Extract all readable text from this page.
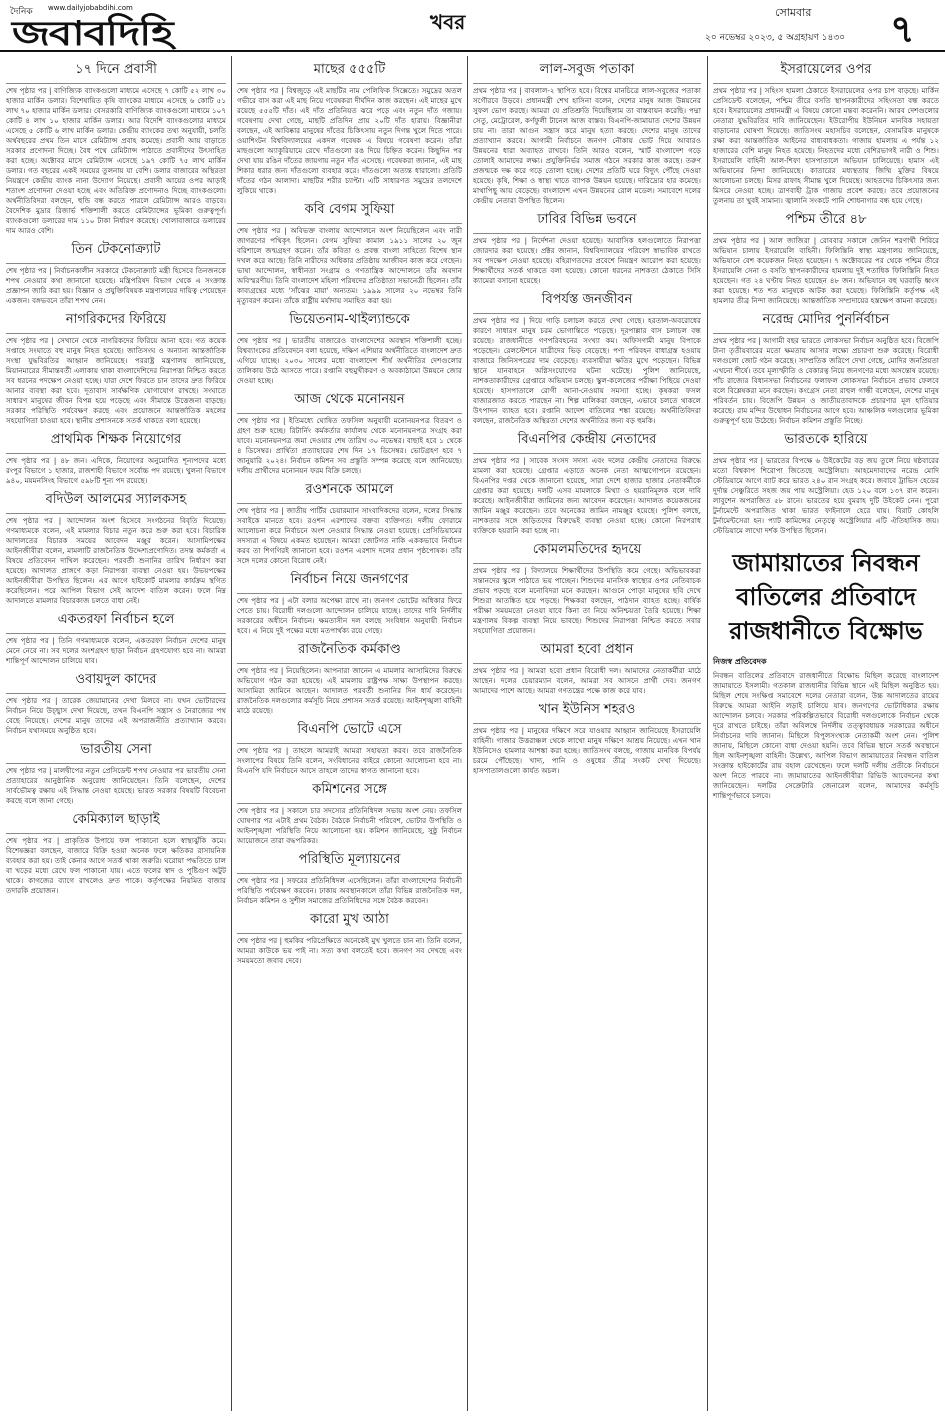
দৈনিক www.dailyjobabdihi.com
জবাবদিহি	খবর	সোমবার
২০ নভেম্বর ২০২৩, ৫ অগ্রহায়ণ ১৪৩০ ৭
১৭ দিনে প্রবাসী

শেষ পৃষ্ঠার পর | বাণিজ্যিক ব্যাংকগুলো মাধ্যমে এসেছে ৭ কোটি ৫২ লাখ ৩০ হাজার মার্কিন ডলার। বিশেষায়িত কৃষি ব্যাংকের মাধ্যমে এসেছে ৬ কোটি ৫১ লাখ ৭০ হাজার মার্কিন ডলার। বেসরকারি বাণিজ্যিক ব্যাংকগুলো মাধ্যমে ১০৭ কোটি ৪ লাখ ১০ হাজার মার্কিন ডলার। আর বিদেশি ব্যাংকগুলোর মাধ্যমে এসেছে ৫ কোটি ৬ লাখ মার্কিন ডলার। কেন্দ্রীয় ব্যাংকের তথ্য অনুযায়ী, চলতি অর্থবছরের প্রথম তিন মাসে রেমিট্যান্স প্রবাহ কমেছে। প্রবাসী আয় বাড়াতে সরকার প্রণোদনা দিচ্ছে। বৈধ পথে রেমিট্যান্স পাঠাতে প্রবাসীদের উৎসাহিত করা হচ্ছে। অক্টোবর মাসে রেমিট্যান্স এসেছে ১৯৭ কোটি ৭৫ লাখ মার্কিন ডলার। গত বছরের একই সময়ের তুলনায় যা বেশি। ডলার বাজারের অস্থিরতা নিয়ন্ত্রণে কেন্দ্রীয় ব্যাংক নানা উদ্যোগ নিয়েছে। প্রবাসী আয়ের ওপর আড়াই শতাংশ প্রণোদনা দেওয়া হচ্ছে এবং অতিরিক্ত প্রণোদনাও দিচ্ছে ব্যাংকগুলো। অর্থনীতিবিদরা বলছেন, হুন্ডি বন্ধ করতে পারলে রেমিট্যান্স আরও বাড়বে। বৈদেশিক মুদ্রার রিজার্ভ শক্তিশালী করতে রেমিট্যান্সের ভূমিকা গুরুত্বপূর্ণ। ব্যাংকগুলো ডলারের দাম ১১০ টাকা নির্ধারণ করেছে। খোলাবাজারে ডলারের দাম আরও বেশি।

তিন টেকনোক্র্যাট

শেষ পৃষ্ঠার পর | নির্বাচনকালীন সরকারে টেকনোক্র্যাট মন্ত্রী হিসেবে তিনজনকে শপথ নেওয়ার কথা জানানো হয়েছে। মন্ত্রিপরিষদ বিভাগ থেকে এ সংক্রান্ত প্রজ্ঞাপন জারি করা হয়। বিজ্ঞান ও প্রযুক্তিবিষয়ক মন্ত্রণালয়ের দায়িত্ব পেয়েছেন একজন। বঙ্গভবনে তাঁরা শপথ নেন।

নাগরিকদের ফিরিয়ে

শেষ পৃষ্ঠার পর | সেখানে থেকে নাগরিকদের ফিরিয়ে আনা হবে। গত কয়েক সপ্তাহে সংঘাতে বহু মানুষ নিহত হয়েছে। জাতিসংঘ ও অন্যান্য আন্তর্জাতিক সংস্থা যুদ্ধবিরতির আহ্বান জানিয়েছে। পররাষ্ট্র মন্ত্রণালয় জানিয়েছে, মিয়ানমারের সীমান্তবর্তী এলাকায় থাকা বাংলাদেশিদের নিরাপত্তা নিশ্চিত করতে সব ধরনের পদক্ষেপ নেওয়া হচ্ছে। যারা দেশে ফিরতে চান তাদের দ্রুত ফিরিয়ে আনার ব্যবস্থা করা হবে। দূতাবাস সার্বক্ষণিক যোগাযোগ রাখছে। সংঘাতে সাধারণ মানুষের জীবন বিপন্ন হয়ে পড়েছে এবং সীমান্তে উত্তেজনা বাড়ছে। সরকার পরিস্থিতি পর্যবেক্ষণ করছে এবং প্রয়োজনে আন্তর্জাতিক মহলের সহযোগিতা চাওয়া হবে। স্থানীয় প্রশাসনকে সতর্ক থাকতে বলা হয়েছে।

প্রাথমিক শিক্ষক নিয়োগের

শেষ পৃষ্ঠার পর | ৪৮ জন। এদিকে, নিয়োগের অনুমোদিত শূন্যপদের মধ্যে রংপুর বিভাগে ১ হাজার, রাজশাহী বিভাগে সর্বোচ্চ পদ রয়েছে। খুলনা বিভাগে ৯৪০, ময়মনসিংহ বিভাগে ৫৯৮টি শূন্য পদ রয়েছে।

বদিউল আলমের স্যালকসহ

শেষ পৃষ্ঠার পর | আন্দোলন অংশ হিসেবে সংগঠনের বিবৃতি দিয়েছে। গণমাধ্যমকে বলেন, এই মামলার বিচার নতুন করে শুরু করা হবে। বিচারিক আদালতের বিচারক সময়ের আবেদন মঞ্জুর করেন। আসামিপক্ষের আইনজীবীরা বলেন, মামলাটি রাজনৈতিক উদ্দেশ্যপ্রণোদিত। তদন্ত কর্মকর্তা এ বিষয়ে প্রতিবেদন দাখিল করেছেন। পরবর্তী শুনানির তারিখ নির্ধারণ করা হয়েছে। আদালত প্রাঙ্গণে কড়া নিরাপত্তা ব্যবস্থা নেওয়া হয়। উভয়পক্ষের আইনজীবীরা উপস্থিত ছিলেন। এর আগে হাইকোর্ট মামলার কার্যক্রম স্থগিত করেছিলেন। পরে আপিল বিভাগ সেই আদেশ বাতিল করেন। ফলে নিম্ন আদালতে মামলার বিচারকাজ চলতে বাধা নেই।

একতরফা নির্বাচন হলে

শেষ পৃষ্ঠার পর | তিনি গণমাধ্যমকে বলেন, একতরফা নির্বাচন দেশের মানুষ মেনে নেবে না। সব দলের অংশগ্রহণ ছাড়া নির্বাচন গ্রহণযোগ্য হবে না। আমরা শান্তিপূর্ণ আন্দোলন চালিয়ে যাব।

ওবায়দুল কাদের

শেষ পৃষ্ঠার পর | তারেক জেয়ামানের দেখা মিলবে না। যখন ভোটারদের নির্বাচন নিয়ে উচ্ছ্বাস দেখা দিয়েছে, তখন বিএনপি সন্ত্রাস ও নৈরাজ্যের পথ বেছে নিয়েছে। দেশের মানুষ তাদের এই অপরাজনীতি প্রত্যাখ্যান করবে। নির্বাচন যথাসময়ে অনুষ্ঠিত হবে।

ভারতীয় সেনা

শেষ পৃষ্ঠার পর | মালদ্বীপের নতুন প্রেসিডেন্ট শপথ নেওয়ার পর ভারতীয় সেনা প্রত্যাহারের আনুষ্ঠানিক অনুরোধ জানিয়েছেন। তিনি বলেছেন, দেশের সার্বভৌমত্ব রক্ষায় এই সিদ্ধান্ত নেওয়া হয়েছে। ভারত সরকার বিষয়টি বিবেচনা করছে বলে জানা গেছে।

কেমিক্যাল ছাড়াই

শেষ পৃষ্ঠার পর | প্রাকৃতিক উপায়ে ফল পাকানো হলে স্বাস্থ্যঝুঁকি কমে। বিশেষজ্ঞরা বলছেন, বাজারে বিক্রি হওয়া অনেক ফলে ক্ষতিকর রাসায়নিক ব্যবহার করা হয়। তাই কেনার আগে সতর্ক থাকা জরুরি। ঘরোয়া পদ্ধতিতে চাল বা খড়ের মধ্যে রেখে ফল পাকানো যায়। এতে ফলের স্বাদ ও পুষ্টিগুণ অটুট থাকে। কাগজের ব্যাগে রাখলেও দ্রুত পাকে। কর্তৃপক্ষের নিয়মিত বাজার তদারকি প্রয়োজন।

মাছের ৫৫৫টি

শেষ পৃষ্ঠার পর | বিশ্বজুড়ে এই মাছটির নাম পেলিফিক সিক্সেতে। সমুদ্রের অতল গভীরে বাস করা এই মাছ নিয়ে গবেষকরা দীর্ঘদিন কাজ করছেন। এই মাছের মুখে রয়েছে ৫৫৫টি দাঁত। এই দাঁত প্রতিনিয়ত ঝরে পড়ে এবং নতুন দাঁত গজায়। গবেষণায় দেখা গেছে, মাছটি প্রতিদিন প্রায় ২০টি দাঁত হারায়। বিজ্ঞানীরা বলছেন, এই আবিষ্কার মানুষের দাঁতের চিকিৎসায় নতুন দিগন্ত খুলে দিতে পারে। ওয়াশিংটন বিশ্ববিদ্যালয়ের একদল গবেষক এ বিষয়ে গবেষণা করেন। তাঁরা মাছগুলো অ্যাকুরিয়ামে রেখে দাঁতগুলো রঙ দিয়ে চিহ্নিত করেন। কিছুদিন পর দেখা যায় রঙিন দাঁতের জায়গায় নতুন দাঁত এসেছে। গবেষকরা জানান, এই মাছ শিকার ধরার জন্য দাঁতগুলো ব্যবহার করে। দাঁতগুলো অত্যন্ত ধারালো। প্রতিটি দাঁতের গঠন আলাদা। মাছটির শরীর চ্যাপ্টা। এটি সাধারণত সমুদ্রের তলদেশে লুকিয়ে থাকে।

কবি বেগম সুফিয়া

শেষ পৃষ্ঠার পর | অবিভক্ত বাংলায় আন্দোলনে অংশ নিয়েছিলেন এবং নারী জাগরণের পথিকৃৎ ছিলেন। বেগম সুফিয়া কামাল ১৯১১ সালের ২০ জুন বরিশালে জন্মগ্রহণ করেন। তাঁর কবিতা ও প্রবন্ধ বাংলা সাহিত্যে বিশেষ স্থান দখল করে আছে। তিনি নারীদের অধিকার প্রতিষ্ঠায় আজীবন কাজ করে গেছেন। ভাষা আন্দোলন, স্বাধীনতা সংগ্রাম ও গণতান্ত্রিক আন্দোলনে তাঁর অবদান অবিস্মরণীয়। তিনি বাংলাদেশ মহিলা পরিষদের প্রতিষ্ঠাতা সভানেত্রী ছিলেন। তাঁর কাব্যগ্রন্থের মধ্যে 'সাঁঝের মায়া' অন্যতম। ১৯৯৯ সালের ২০ নভেম্বর তিনি মৃত্যুবরণ করেন। তাঁকে রাষ্ট্রীয় মর্যাদায় সমাহিত করা হয়।

ভিয়েতনাম-থাইল্যান্ডকে

শেষ পৃষ্ঠার পর | ভারতীয় বাজারেও বাংলাদেশের অবস্থান শক্তিশালী হচ্ছে। বিশ্বব্যাংকের প্রতিবেদনে বলা হয়েছে, দক্ষিণ এশিয়ার অর্থনীতিতে বাংলাদেশ দ্রুত এগিয়ে যাচ্ছে। ২০৩০ সালের মধ্যে বাংলাদেশ শীর্ষ অর্থনীতির দেশগুলোর তালিকায় উঠে আসতে পারে। রপ্তানি বহুমুখীকরণ ও অবকাঠামো উন্নয়নে জোর দেওয়া হচ্ছে।

আজ থেকে মনোনয়ন

শেষ পৃষ্ঠার পর | ইতিমধ্যে ঘোষিত তফসিল অনুযায়ী মনোনয়নপত্র বিতরণ ও গ্রহণ শুরু হচ্ছে। রিটার্নিং কর্মকর্তার কার্যালয় থেকে মনোনয়নপত্র সংগ্রহ করা যাবে। মনোনয়নপত্র জমা দেওয়ার শেষ তারিখ ৩০ নভেম্বর। বাছাই হবে ১ থেকে ৪ ডিসেম্বর। প্রার্থিতা প্রত্যাহারের শেষ দিন ১৭ ডিসেম্বর। ভোটগ্রহণ হবে ৭ জানুয়ারি ২০২৪। নির্বাচন কমিশন সব প্রস্তুতি সম্পন্ন করেছে বলে জানিয়েছে। দলীয় প্রার্থীদের মনোনয়ন ফরম বিক্রি চলছে।

রওশনকে আমলে

শেষ পৃষ্ঠার পর | জাতীয় পার্টির চেয়ারম্যান সাংবাদিকদের বলেন, দলের সিদ্ধান্ত সবাইকে মানতে হবে। রওশন এরশাদের বক্তব্য ব্যক্তিগত। দলীয় ফোরামে আলোচনা করে নির্বাচনে অংশ নেওয়ার সিদ্ধান্ত নেওয়া হয়েছে। প্রেসিডিয়ামের সদস্যরা এ বিষয়ে একমত হয়েছেন। আমরা জোটগত নাকি এককভাবে নির্বাচন করব তা শিগগিরই জানানো হবে। রওশন এরশাদ দলের প্রধান পৃষ্ঠপোষক। তাঁর সঙ্গে দলের কোনো বিরোধ নেই।

নির্বাচন নিয়ে জনগণের

শেষ পৃষ্ঠার পর | এটা বলার অপেক্ষা রাখে না। জনগণ ভোটের অধিকার ফিরে পেতে চায়। বিরোধী দলগুলো আন্দোলন চালিয়ে যাচ্ছে। তাদের দাবি নির্দলীয় সরকারের অধীনে নির্বাচন। ক্ষমতাসীন দল বলছে সংবিধান অনুযায়ী নির্বাচন হবে। এ নিয়ে দুই পক্ষের মধ্যে মতপার্থক্য রয়ে গেছে।

রাজনৈতিক কর্মকাণ্ড

শেষ পৃষ্ঠার পর | নিয়েছিলেন। আপনারা জানেন এ মামলার আসামিদের বিরুদ্ধে অভিযোগ গঠন করা হয়েছে। এই মামলায় রাষ্ট্রপক্ষ সাক্ষ্য উপস্থাপন করছে। আসামিরা জামিনে আছেন। আদালত পরবর্তী শুনানির দিন ধার্য করেছেন। রাজনৈতিক দলগুলোর কর্মসূচি নিয়ে প্রশাসন সতর্ক রয়েছে। আইনশৃঙ্খলা বাহিনী মাঠে রয়েছে।

বিএনপি ভোটে এসে

শেষ পৃষ্ঠার পর | তাহলে আমরাই আমরা সহায়তা করব। তবে রাজনৈতিক সংলাপের বিষয়ে তিনি বলেন, সংবিধানের বাইরে কোনো আলোচনা হবে না। বিএনপি যদি নির্বাচনে আসে তাহলে তাদের স্বাগত জানানো হবে।

কমিশনের সঙ্গে

শেষ পৃষ্ঠার পর | সকালে চার সদস্যের প্রতিনিধিদল সভায় অংশ নেয়। তফসিল ঘোষণার পর এটাই প্রথম বৈঠক। বৈঠকে নির্বাচনী পরিবেশ, ভোটার উপস্থিতি ও আইনশৃঙ্খলা পরিস্থিতি নিয়ে আলোচনা হয়। কমিশন জানিয়েছে, সুষ্ঠু নির্বাচন আয়োজনে তারা বদ্ধপরিকর।

পরিস্থিতি মূল্যায়নের

শেষ পৃষ্ঠার পর | সফরের প্রতিনিধিদল এসেছিলেন। তাঁরা বাংলাদেশের নির্বাচনী পরিস্থিতি পর্যবেক্ষণ করবেন। ঢাকায় অবস্থানকালে তাঁরা বিভিন্ন রাজনৈতিক দল, নির্বাচন কমিশন ও সুশীল সমাজের প্রতিনিধিদের সঙ্গে বৈঠক করবেন।

কারো মুখ আঠা

শেষ পৃষ্ঠার পর | হুমকির পরিপ্রেক্ষিতে অনেকেই মুখ খুলতে চান না। তিনি বলেন, আমরা কাউকে ভয় পাই না। সত্য কথা বলতেই হবে। জনগণ সব দেখছে এবং সময়মতো জবাব দেবে।

লাল-সবুজ পতাকা

প্রথম পৃষ্ঠার পর | বাবলাল-২ স্থাপিত হবে। বিশ্বের মানচিত্রে লাল-সবুজের পতাকা সগৌরবে উড়বে। প্রধানমন্ত্রী শেখ হাসিনা বলেন, দেশের মানুষ আজ উন্নয়নের সুফল ভোগ করছে। আমরা যে প্রতিশ্রুতি দিয়েছিলাম তা বাস্তবায়ন করেছি। পদ্মা সেতু, মেট্রোরেল, কর্ণফুলী টানেল আজ বাস্তব। বিএনপি-জামায়াত দেশের উন্নয়ন চায় না। তারা আগুন সন্ত্রাস করে মানুষ হত্যা করছে। দেশের মানুষ তাদের প্রত্যাখ্যান করবে। আগামী নির্বাচনে জনগণ নৌকায় ভোট দিয়ে আবারও উন্নয়নের ধারা অব্যাহত রাখবে। তিনি আরও বলেন, স্মার্ট বাংলাদেশ গড়ে তোলাই আমাদের লক্ষ্য। প্রযুক্তিনির্ভর সমাজ গঠনে সরকার কাজ করছে। তরুণ প্রজন্মকে দক্ষ করে গড়ে তোলা হচ্ছে। দেশের প্রতিটি ঘরে বিদ্যুৎ পৌঁছে দেওয়া হয়েছে। কৃষি, শিক্ষা ও স্বাস্থ্য খাতে ব্যাপক উন্নয়ন হয়েছে। দারিদ্র্যের হার কমেছে। মাথাপিছু আয় বেড়েছে। বাংলাদেশ এখন উন্নয়নের রোল মডেল। সমাবেশে দলের কেন্দ্রীয় নেতারা উপস্থিত ছিলেন।

ঢাবির বিভিন্ন ভবনে

প্রথম পৃষ্ঠার পর | নির্দেশনা দেওয়া হয়েছে। আবাসিক হলগুলোতে নিরাপত্তা জোরদার করা হয়েছে। প্রক্টর জানান, বিশ্ববিদ্যালয়ের পরিবেশ স্বাভাবিক রাখতে সব পদক্ষেপ নেওয়া হয়েছে। বহিরাগতদের প্রবেশে নিয়ন্ত্রণ আরোপ করা হয়েছে। শিক্ষার্থীদের সতর্ক থাকতে বলা হয়েছে। কোনো ধরনের নাশকতা ঠেকাতে সিসি ক্যামেরা বসানো হয়েছে।

বিপর্যস্ত জনজীবন

প্রথম পৃষ্ঠার পর | দিয়ে গাড়ি চলাচল করতে দেখা গেছে। হরতাল-অবরোধের কারণে সাধারণ মানুষ চরম ভোগান্তিতে পড়েছে। দূরপাল্লার বাস চলাচল বন্ধ রয়েছে। রাজধানীতে গণপরিবহনের সংখ্যা কম। অফিসগামী মানুষ বিপাকে পড়েছেন। রেলস্টেশনে যাত্রীদের ভিড় বেড়েছে। পণ্য পরিবহন বাধাগ্রস্ত হওয়ায় বাজারে জিনিসপত্রের দাম বেড়েছে। ব্যবসায়ীরা ক্ষতির মুখে পড়েছেন। বিভিন্ন স্থানে যানবাহনে অগ্নিসংযোগের ঘটনা ঘটেছে। পুলিশ জানিয়েছে, নাশকতাকারীদের গ্রেপ্তারে অভিযান চলছে। স্কুল-কলেজের পরীক্ষা পিছিয়ে দেওয়া হয়েছে। হাসপাতালে রোগী আনা-নেওয়ায় সমস্যা হচ্ছে। কৃষকরা ফসল বাজারজাত করতে পারছেন না। শিল্প মালিকরা বলছেন, এভাবে চলতে থাকলে উৎপাদন ব্যাহত হবে। রপ্তানি আদেশ বাতিলের শঙ্কা রয়েছে। অর্থনীতিবিদরা বলছেন, রাজনৈতিক অস্থিরতা দেশের অর্থনীতির জন্য বড় হুমকি।

বিএনপির কেন্দ্রীয় নেতাদের

প্রথম পৃষ্ঠার পর | সাবেক সংসদ সদস্য এবং দলের কেন্দ্রীয় নেতাদের বিরুদ্ধে মামলা করা হয়েছে। গ্রেপ্তার এড়াতে অনেক নেতা আত্মগোপনে রয়েছেন। বিএনপির দপ্তর থেকে জানানো হয়েছে, সারা দেশে হাজার হাজার নেতাকর্মীকে গ্রেপ্তার করা হয়েছে। দলটি এসব মামলাকে মিথ্যা ও হয়রানিমূলক বলে দাবি করেছে। আইনজীবীরা জামিনের জন্য আবেদন করেছেন। আদালত কয়েকজনের জামিন মঞ্জুর করেছেন। তবে অনেকের জামিন নামঞ্জুর হয়েছে। পুলিশ বলছে, নাশকতার সঙ্গে জড়িতদের বিরুদ্ধেই ব্যবস্থা নেওয়া হচ্ছে। কোনো নিরপরাধ ব্যক্তিকে হয়রানি করা হচ্ছে না।

কোমলমতিদের হৃদয়ে

প্রথম পৃষ্ঠার পর | বিদ্যালয়ে শিক্ষার্থীদের উপস্থিতি কমে গেছে। অভিভাবকরা সন্তানদের স্কুলে পাঠাতে ভয় পাচ্ছেন। শিশুদের মানসিক স্বাস্থ্যের ওপর নেতিবাচক প্রভাব পড়ছে বলে মনোবিদরা মনে করছেন। আগুনে পোড়া মানুষের ছবি দেখে শিশুরা আতঙ্কিত হয়ে পড়ছে। শিক্ষকরা বলছেন, পাঠদান ব্যাহত হচ্ছে। বার্ষিক পরীক্ষা সময়মতো নেওয়া যাবে কিনা তা নিয়ে অনিশ্চয়তা তৈরি হয়েছে। শিক্ষা মন্ত্রণালয় বিকল্প ব্যবস্থা নিয়ে ভাবছে। শিশুদের নিরাপত্তা নিশ্চিত করতে সবার সহযোগিতা প্রয়োজন।

আমরা হবো প্রধান

প্রথম পৃষ্ঠার পর | আমরা হবো প্রধান বিরোধী দল। আমাদের নেতাকর্মীরা মাঠে আছেন। দলের চেয়ারম্যান বলেন, আমরা সব আসনে প্রার্থী দেব। জনগণ আমাদের পাশে আছে। আমরা গণতন্ত্রের পক্ষে কাজ করে যাব।

খান ইউনিস শহরও

প্রথম পৃষ্ঠার পর | মানুষের দক্ষিণে সরে যাওয়ার আহ্বান জানিয়েছে ইসরায়েলি বাহিনী। গাজার উত্তরাঞ্চল থেকে লাখো মানুষ দক্ষিণে আশ্রয় নিয়েছে। এখন খান ইউনিসেও হামলার আশঙ্কা করা হচ্ছে। জাতিসংঘ বলছে, গাজায় মানবিক বিপর্যয় চরমে পৌঁছেছে। খাদ্য, পানি ও ওষুধের তীব্র সংকট দেখা দিয়েছে। হাসপাতালগুলো কার্যত অচল।

ইসরায়েলের ওপর

প্রথম পৃষ্ঠার পর | সহিংস হামলা ঠেকাতে ইসরায়েলের ওপর চাপ বাড়ছে। মার্কিন প্রেসিডেন্ট বলেছেন, পশ্চিম তীরে বসতি স্থাপনকারীদের সহিংসতা বন্ধ করতে হবে। ইসরায়েলের প্রধানমন্ত্রী এ বিষয়ে কোনো মন্তব্য করেননি। আরব দেশগুলোর নেতারা যুদ্ধবিরতির দাবি জানিয়েছেন। ইউরোপীয় ইউনিয়ন মানবিক সহায়তা বাড়ানোর ঘোষণা দিয়েছে। জাতিসংঘ মহাসচিব বলেছেন, বেসামরিক মানুষকে রক্ষা করা আন্তর্জাতিক আইনের বাধ্যবাধকতা। গাজায় হামলায় এ পর্যন্ত ১২ হাজারের বেশি মানুষ নিহত হয়েছে। নিহতদের মধ্যে বেশিরভাগই নারী ও শিশু। ইসরায়েলি বাহিনী আল-শিফা হাসপাতালে অভিযান চালিয়েছে। হামাস এই অভিযানের নিন্দা জানিয়েছে। কাতারের মধ্যস্থতায় জিম্মি মুক্তির বিষয়ে আলোচনা চলছে। মিসর রাফাহ সীমান্ত খুলে দিয়েছে। আহতদের চিকিৎসার জন্য মিসরে নেওয়া হচ্ছে। ত্রাণবাহী ট্রাক গাজায় প্রবেশ করছে। তবে প্রয়োজনের তুলনায় তা খুবই সামান্য। জ্বালানি সংকটে পানি শোধনাগার বন্ধ হয়ে গেছে।

পশ্চিম তীরে ৪৮

প্রথম পৃষ্ঠার পর | আল জাজিরা | রোববার সকালে জেনিন শরণার্থী শিবিরে অভিযান চালায় ইসরায়েলি বাহিনী। ফিলিস্তিনি স্বাস্থ্য মন্ত্রণালয় জানিয়েছে, অভিযানে বেশ কয়েকজন নিহত হয়েছেন। ৭ অক্টোবরের পর থেকে পশ্চিম তীরে ইসরায়েলি সেনা ও বসতি স্থাপনকারীদের হামলায় দুই শতাধিক ফিলিস্তিনি নিহত হয়েছেন। গত ২৪ ঘণ্টায় নিহত হয়েছেন ৪৮ জন। অভিযানে বহু ঘরবাড়ি ধ্বংস করা হয়েছে। শত শত মানুষকে আটক করা হয়েছে। ফিলিস্তিনি কর্তৃপক্ষ এই হামলার তীব্র নিন্দা জানিয়েছে। আন্তর্জাতিক সম্প্রদায়ের হস্তক্ষেপ কামনা করেছে।

নরেন্দ্র মোদির পুনর্নির্বাচন

প্রথম পৃষ্ঠার পর | আগামী বছর ভারতে লোকসভা নির্বাচন অনুষ্ঠিত হবে। বিজেপি টানা তৃতীয়বারের মতো ক্ষমতায় আসার লক্ষ্যে প্রচারণা শুরু করেছে। বিরোধী দলগুলো জোট গঠন করেছে। সাম্প্রতিক জরিপে দেখা গেছে, মোদির জনপ্রিয়তা এখনো শীর্ষে। তবে মূল্যস্ফীতি ও বেকারত্ব নিয়ে জনগণের মধ্যে অসন্তোষ রয়েছে। পাঁচ রাজ্যের বিধানসভা নির্বাচনের ফলাফল লোকসভা নির্বাচনে প্রভাব ফেলবে বলে বিশ্লেষকরা মনে করছেন। কংগ্রেস নেতা রাহুল গান্ধী বলেছেন, দেশের মানুষ পরিবর্তন চায়। বিজেপি উন্নয়ন ও জাতীয়তাবাদকে প্রচারণার মূল হাতিয়ার করেছে। রাম মন্দির উদ্বোধন নির্বাচনের আগে হবে। আঞ্চলিক দলগুলোর ভূমিকা গুরুত্বপূর্ণ হয়ে উঠেছে। নির্বাচন কমিশন প্রস্তুতি নিচ্ছে।

ভারতকে হারিয়ে

প্রথম পৃষ্ঠার পর | ভারতের বিপক্ষে ৬ উইকেটের বড় জয় তুলে নিয়ে ষষ্ঠবারের মতো বিশ্বকাপ শিরোপা জিতেছে অস্ট্রেলিয়া। আহমেদাবাদের নরেন্দ্র মোদি স্টেডিয়ামে আগে ব্যাট করে ভারত ২৪০ রান সংগ্রহ করে। জবাবে ট্রাভিস হেডের দুর্দান্ত সেঞ্চুরিতে সহজ জয় পায় অস্ট্রেলিয়া। হেড ১২০ বলে ১৩৭ রান করেন। লাবুশেন অপরাজিত ৫৮ রানে। ভারতের হয়ে বুমরাহ দুটি উইকেট নেন। পুরো টুর্নামেন্টে অপরাজিত থাকা ভারত ফাইনালে হেরে যায়। বিরাট কোহলি টুর্নামেন্টসেরা হন। প্যাট কামিন্সের নেতৃত্বে অস্ট্রেলিয়ার এটি ঐতিহাসিক জয়। স্টেডিয়ামে লাখো দর্শক উপস্থিত ছিলেন।

জামায়াতের নিবন্ধন বাতিলের প্রতিবাদে রাজধানীতে বিক্ষোভ
নিজস্ব প্রতিবেদক

নিবন্ধন বাতিলের প্রতিবাদে রাজধানীতে বিক্ষোভ মিছিল করেছে বাংলাদেশ জামায়াতে ইসলামী। গতকাল রাজধানীর বিভিন্ন স্থানে এই মিছিল অনুষ্ঠিত হয়। মিছিল শেষে সংক্ষিপ্ত সমাবেশে দলের নেতারা বলেন, উচ্চ আদালতের রায়ের বিরুদ্ধে আমরা আইনি লড়াই চালিয়ে যাব। জনগণের ভোটাধিকার রক্ষায় আন্দোলন চলবে। সরকার পরিকল্পিতভাবে বিরোধী দলগুলোকে নির্বাচন থেকে দূরে রাখতে চাইছে। তাঁরা অবিলম্বে নির্দলীয় তত্ত্বাবধায়ক সরকারের অধীনে নির্বাচনের দাবি জানান। মিছিলে বিপুলসংখ্যক নেতাকর্মী অংশ নেন। পুলিশ জানায়, মিছিলে কোনো বাধা দেওয়া হয়নি। তবে বিভিন্ন স্থানে সতর্ক অবস্থানে ছিল আইনশৃঙ্খলা বাহিনী। উল্লেখ্য, আপিল বিভাগ জামায়াতের নিবন্ধন বাতিল সংক্রান্ত হাইকোর্টের রায় বহাল রেখেছেন। ফলে দলটি দলীয় প্রতীকে নির্বাচনে অংশ নিতে পারবে না। জামায়াতের আইনজীবীরা রিভিউ আবেদনের কথা জানিয়েছেন। দলটির সেক্রেটারি জেনারেল বলেন, আমাদের কর্মসূচি শান্তিপূর্ণভাবে চলবে।
